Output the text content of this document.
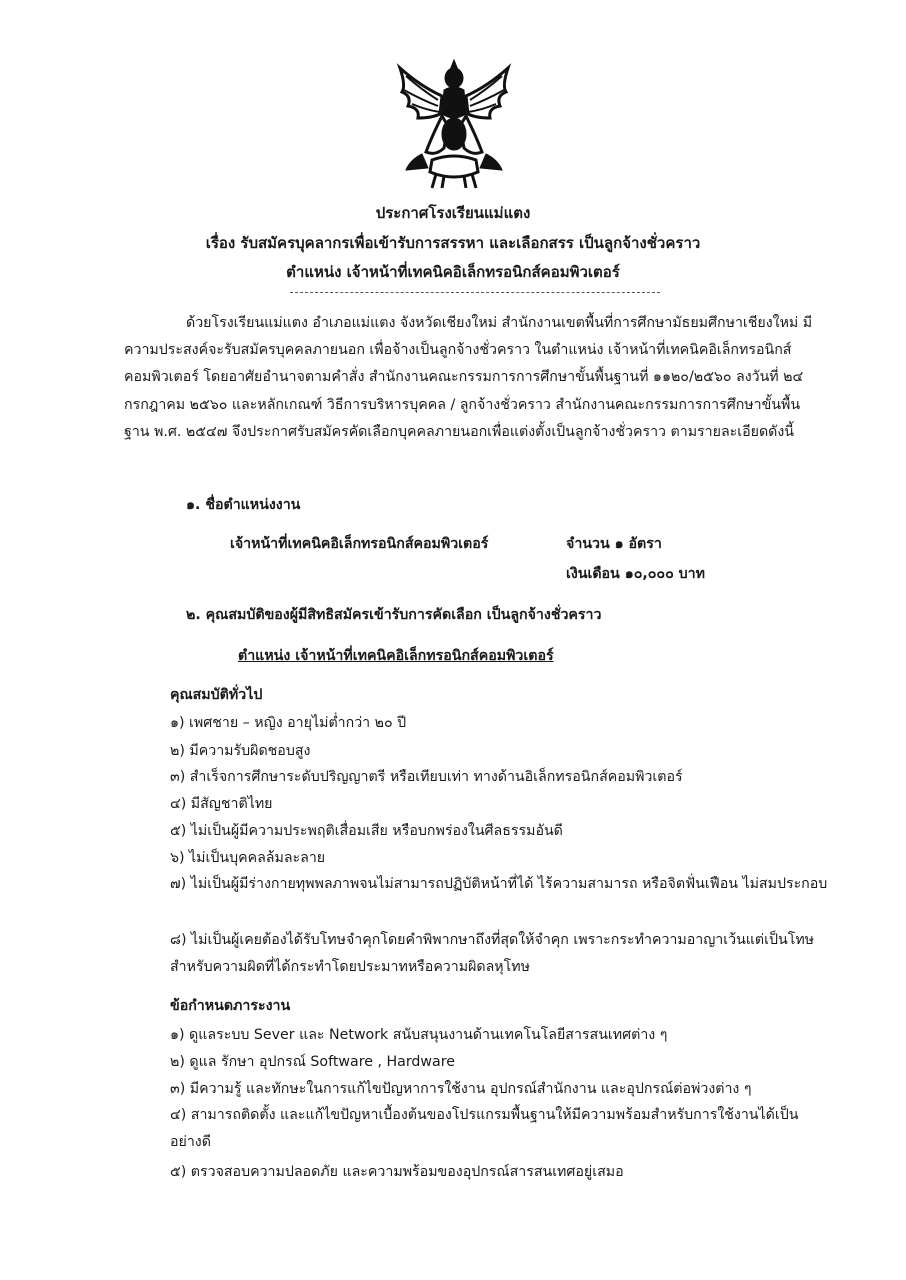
ประกาศโรงเรียนแม่แตง
เรื่อง รับสมัครบุคลากรเพื่อเข้ารับการสรรหา และเลือกสรร เป็นลูกจ้างชั่วคราว
ตำแหน่ง เจ้าหน้าที่เทคนิคอิเล็กทรอนิกส์คอมพิวเตอร์
ด้วยโรงเรียนแม่แตง อำเภอแม่แตง จังหวัดเชียงใหม่ สำนักงานเขตพื้นที่การศึกษามัธยมศึกษาเชียงใหม่ มีความประสงค์จะรับสมัครบุคคลภายนอก เพื่อจ้างเป็นลูกจ้างชั่วคราว ในตำแหน่ง เจ้าหน้าที่เทคนิคอิเล็กทรอนิกส์คอมพิวเตอร์ โดยอาศัยอำนาจตามคำสั่ง สำนักงานคณะกรรมการการศึกษาขั้นพื้นฐานที่ ๑๑๒๐/๒๕๖๐ ลงวันที่ ๒๔ กรกฎาคม ๒๕๖๐ และหลักเกณฑ์ วิธีการบริหารบุคคล / ลูกจ้างชั่วคราว สำนักงานคณะกรรมการการศึกษาขั้นพื้นฐาน พ.ศ. ๒๕๔๗ จึงประกาศรับสมัครคัดเลือกบุคคลภายนอกเพื่อแต่งตั้งเป็นลูกจ้างชั่วคราว ตามรายละเอียดดังนี้
๑. ชื่อตำแหน่งงาน
เจ้าหน้าที่เทคนิคอิเล็กทรอนิกส์คอมพิวเตอร์	จำนวน ๑ อัตรา
เงินเดือน ๑๐,๐๐๐ บาท
๒. คุณสมบัติของผู้มีสิทธิสมัครเข้ารับการคัดเลือก เป็นลูกจ้างชั่วคราว
ตำแหน่ง เจ้าหน้าที่เทคนิคอิเล็กทรอนิกส์คอมพิวเตอร์
คุณสมบัติทั่วไป
๑) เพศชาย – หญิง อายุไม่ต่ำกว่า ๒๐ ปี
๒) มีความรับผิดชอบสูง
๓) สำเร็จการศึกษาระดับปริญญาตรี หรือเทียบเท่า ทางด้านอิเล็กทรอนิกส์คอมพิวเตอร์
๔) มีสัญชาติไทย
๕) ไม่เป็นผู้มีความประพฤติเสื่อมเสีย หรือบกพร่องในศีลธรรมอันดี
๖) ไม่เป็นบุคคลล้มละลาย
๗) ไม่เป็นผู้มีร่างกายทุพพลภาพจนไม่สามารถปฏิบัติหน้าที่ได้ ไร้ความสามารถ หรือจิตฟั่นเฟือน ไม่สมประกอบ
๘) ไม่เป็นผู้เคยต้องได้รับโทษจำคุกโดยคำพิพากษาถึงที่สุดให้จำคุก เพราะกระทำความอาญาเว้นแต่เป็นโทษ สำหรับความผิดที่ได้กระทำโดยประมาทหรือความผิดลหุโทษ
ข้อกำหนดภาระงาน
๑) ดูแลระบบ Sever และ Network สนับสนุนงานด้านเทคโนโลยีสารสนเทศต่าง ๆ
๒) ดูแล รักษา อุปกรณ์ Software , Hardware
๓) มีความรู้ และทักษะในการแก้ไขปัญหาการใช้งาน อุปกรณ์สำนักงาน และอุปกรณ์ต่อพ่วงต่าง ๆ
๔) สามารถติดตั้ง และแก้ไขปัญหาเบื้องต้นของโปรแกรมพื้นฐานให้มีความพร้อมสำหรับการใช้งานได้เป็นอย่างดี
๕) ตรวจสอบความปลอดภัย และความพร้อมของอุปกรณ์สารสนเทศอยู่เสมอ
